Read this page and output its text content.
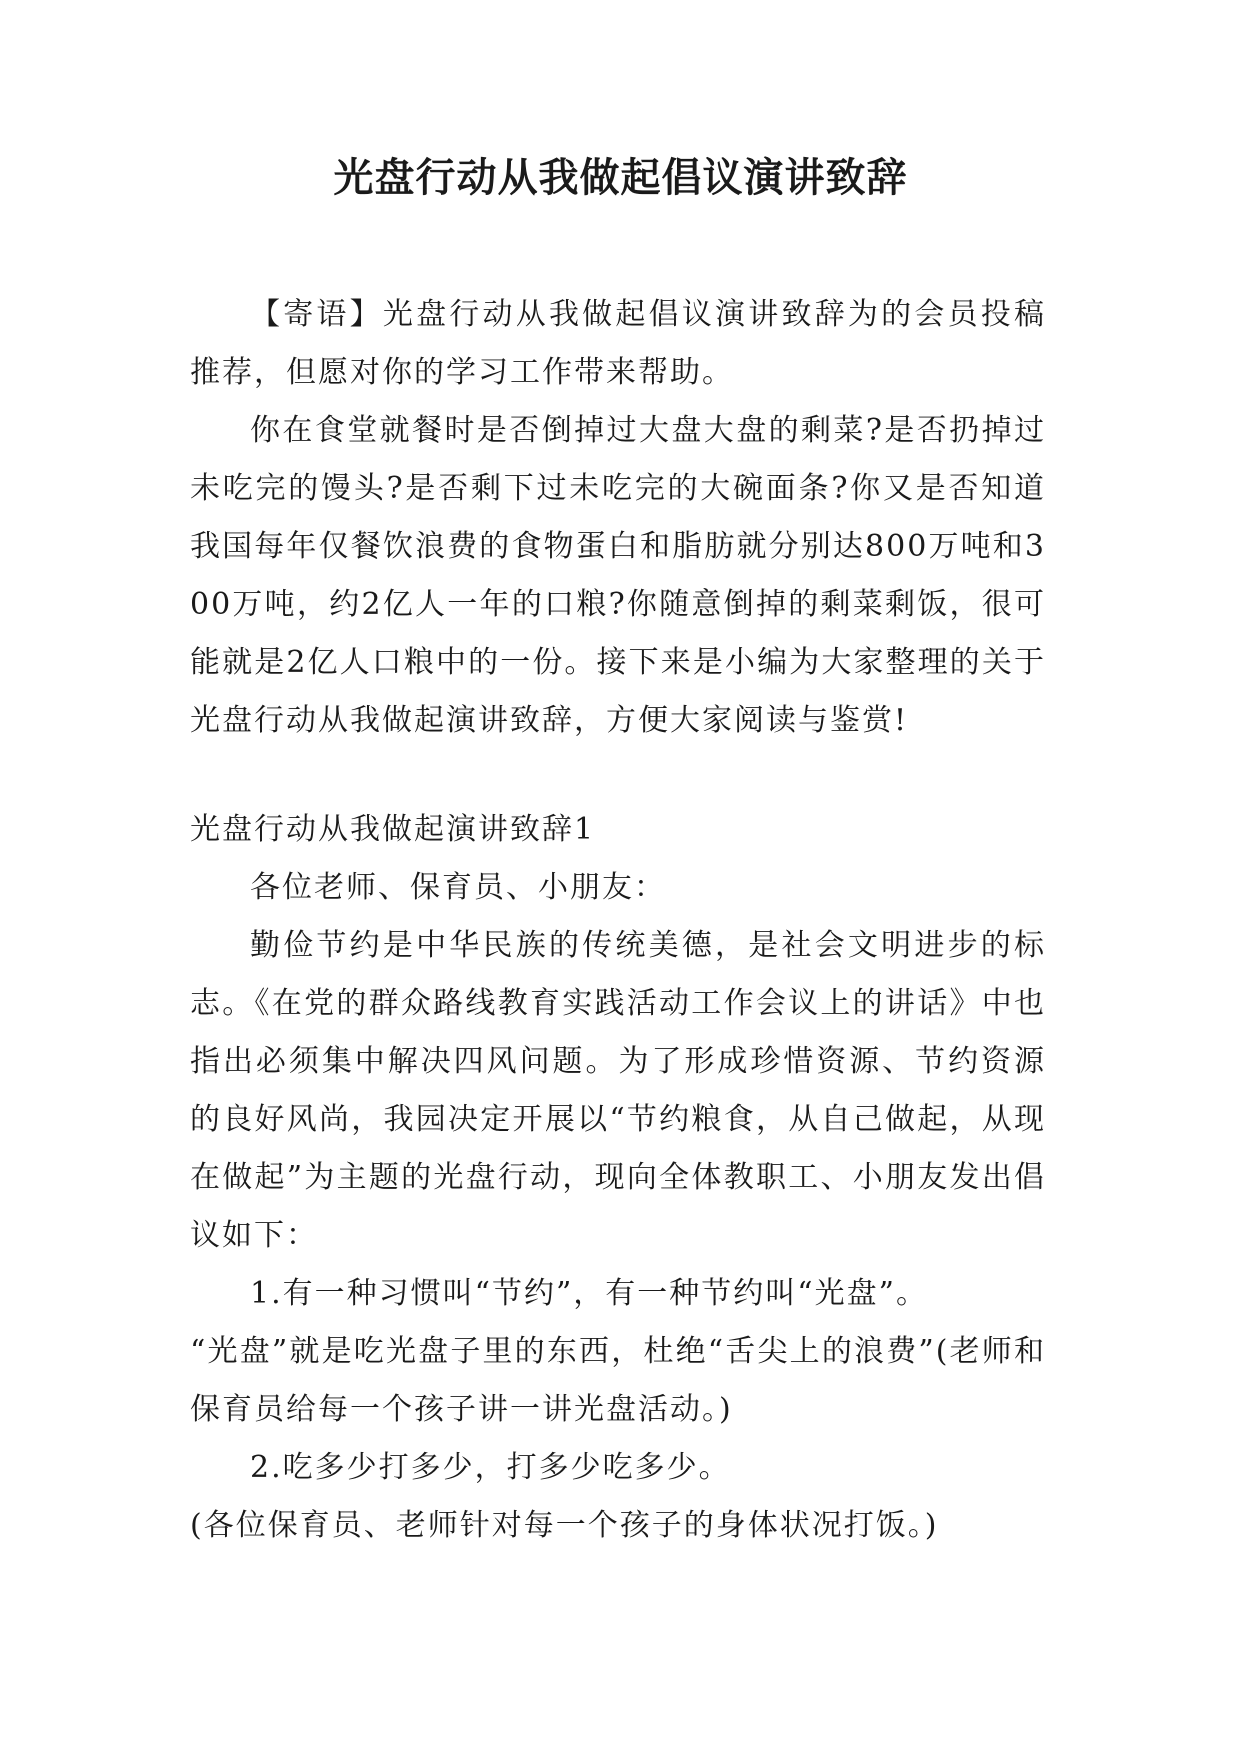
光盘行动从我做起倡议演讲致辞

【寄语】光盘行动从我做起倡议演讲致辞为的会员投稿推荐，但愿对你的学习工作带来帮助。

你在食堂就餐时是否倒掉过大盘大盘的剩菜?是否扔掉过未吃完的馒头?是否剩下过未吃完的大碗面条?你又是否知道我国每年仅餐饮浪费的食物蛋白和脂肪就分别达800万吨和300万吨，约2亿人一年的口粮?你随意倒掉的剩菜剩饭，很可能就是2亿人口粮中的一份。接下来是小编为大家整理的关于光盘行动从我做起演讲致辞，方便大家阅读与鉴赏!

光盘行动从我做起演讲致辞1

各位老师、保育员、小朋友：

勤俭节约是中华民族的传统美德，是社会文明进步的标志。《在党的群众路线教育实践活动工作会议上的讲话》中也指出必须集中解决四风问题。为了形成珍惜资源、节约资源的良好风尚，我园决定开展以“节约粮食，从自己做起，从现在做起”为主题的光盘行动，现向全体教职工、小朋友发出倡议如下：

1.有一种习惯叫“节约”，有一种节约叫“光盘”。

“光盘”就是吃光盘子里的东西，杜绝“舌尖上的浪费”(老师和保育员给每一个孩子讲一讲光盘活动。)

2.吃多少打多少，打多少吃多少。

(各位保育员、老师针对每一个孩子的身体状况打饭。)
